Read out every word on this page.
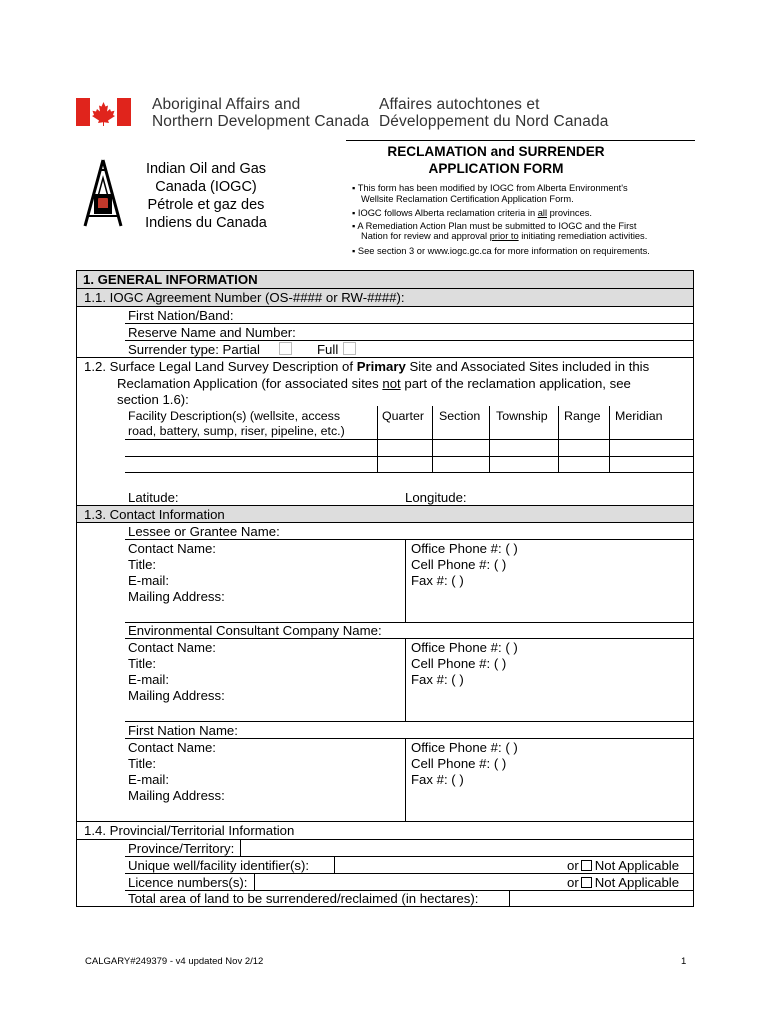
Aboriginal Affairs and
Northern Development Canada
Affaires autochtones et
Développement du Nord Canada
Indian Oil and Gas
Canada (IOGC)
Pétrole et gaz des
Indiens du Canada
RECLAMATION and SURRENDER
APPLICATION FORM
▪ This form has been modified by IOGC from Alberta Environment's
Wellsite Reclamation Certification Application Form.
▪ IOGC follows Alberta reclamation criteria in all provinces.
▪ A Remediation Action Plan must be submitted to IOGC and the First
Nation for review and approval prior to initiating remediation activities.
▪ See section 3 or www.iogc.gc.ca for more information on requirements.
1. GENERAL INFORMATION
1.1. IOGC Agreement Number (OS-#### or RW-####):
First Nation/Band:
Reserve Name and Number:
Surrender type: Partial	Full
1.2. Surface Legal Land Survey Description of Primary Site and Associated Sites included in this
Reclamation Application (for associated sites not part of the reclamation application, see
section 1.6):
Facility Description(s) (wellsite, access
road, battery, sump, riser, pipeline, etc.)
Quarter Section Township Range Meridian
Latitude:	Longitude:
1.3. Contact Information
Lessee or Grantee Name:
Contact Name:
Title:
E-mail:
Mailing Address:
Office Phone #: ( )
Cell Phone #: ( )
Fax #: ( )
Environmental Consultant Company Name:
Contact Name:
Title:
E-mail:
Mailing Address:
Office Phone #: ( )
Cell Phone #: ( )
Fax #: ( )
First Nation Name:
Contact Name:
Title:
E-mail:
Mailing Address:
Office Phone #: ( )
Cell Phone #: ( )
Fax #: ( )
1.4. Provincial/Territorial Information
Province/Territory:
Unique well/facility identifier(s):	or Not Applicable
Licence numbers(s):	or Not Applicable
Total area of land to be surrendered/reclaimed (in hectares):
CALGARY#249379 - v4 updated Nov 2/12	1
